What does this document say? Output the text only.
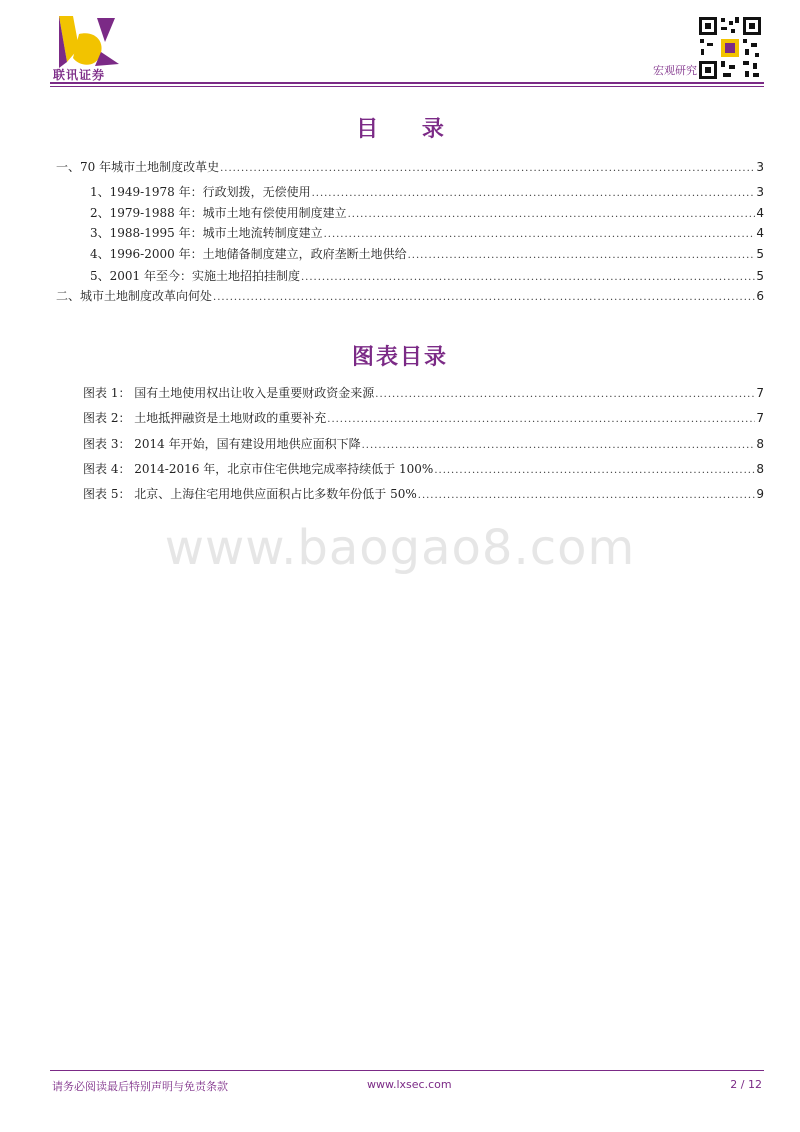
联讯证券	宏观研究
目 录
一、70 年城市土地制度改革史 .....	3
1、1949-1978 年：行政划拨，无偿使用 .....	3
2、1979-1988 年：城市土地有偿使用制度建立 .....	4
3、1988-1995 年：城市土地流转制度建立 .....	4
4、1996-2000 年：土地储备制度建立，政府垄断土地供给 .....	5
5、2001 年至今：实施土地招拍挂制度 .....	5
二、城市土地制度改革向何处 .....	6
图表目录
图表 1： 国有土地使用权出让收入是重要财政资金来源 .....	7
图表 2： 土地抵押融资是土地财政的重要补充 .....	7
图表 3： 2014 年开始，国有建设用地供应面积下降 .....	8
图表 4： 2014-2016 年，北京市住宅供地完成率持续低于 100% .....	8
图表 5： 北京、上海住宅用地供应面积占比多数年份低于 50% .....	9
www.baogao8.com
请务必阅读最后特别声明与免责条款	www.lxsec.com	2 / 12
